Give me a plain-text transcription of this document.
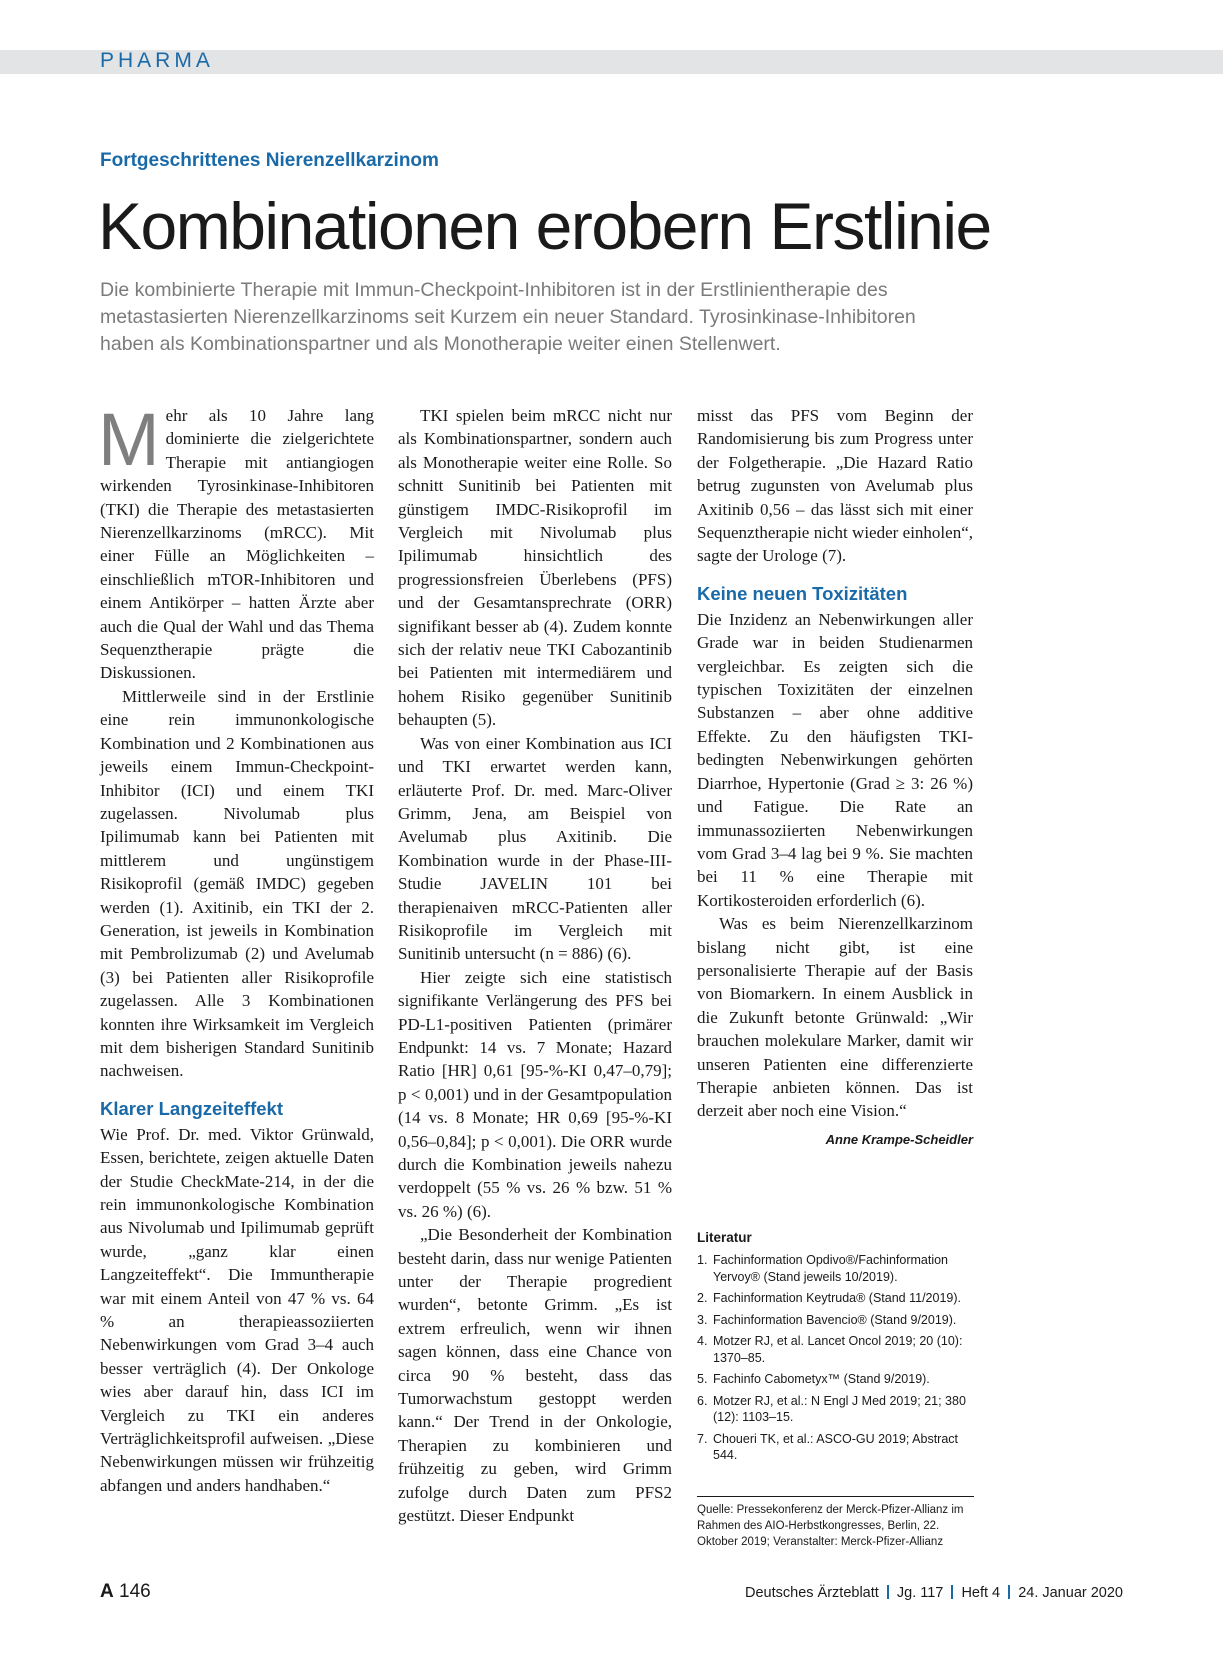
PHARMA
Fortgeschrittenes Nierenzellkarzinom
Kombinationen erobern Erstlinie
Die kombinierte Therapie mit Immun-Checkpoint-Inhibitoren ist in der Erstlinientherapie des metastasierten Nierenzellkarzinoms seit Kurzem ein neuer Standard. Tyrosinkinase-Inhibitoren haben als Kombinationspartner und als Monotherapie weiter einen Stellenwert.

Mehr als 10 Jahre lang dominierte die zielgerichtete Therapie mit antiangiogen wirkenden Tyrosinkinase-Inhibitoren (TKI) die Therapie des metastasierten Nierenzellkarzinoms (mRCC). Mit einer Fülle an Möglichkeiten – einschließlich mTOR-Inhibitoren und einem Antikörper – hatten Ärzte aber auch die Qual der Wahl und das Thema Sequenztherapie prägte die Diskussionen.

Mittlerweile sind in der Erstlinie eine rein immunonkologische Kombination und 2 Kombinationen aus jeweils einem Immun-Checkpoint-Inhibitor (ICI) und einem TKI zugelassen. Nivolumab plus Ipilimumab kann bei Patienten mit mittlerem und ungünstigem Risikoprofil (gemäß IMDC) gegeben werden (1). Axitinib, ein TKI der 2. Generation, ist jeweils in Kombination mit Pembrolizumab (2) und Avelumab (3) bei Patienten aller Risikoprofile zugelassen. Alle 3 Kombinationen konnten ihre Wirksamkeit im Vergleich mit dem bisherigen Standard Sunitinib nachweisen.

Klarer Langzeiteffekt

Wie Prof. Dr. med. Viktor Grünwald, Essen, berichtete, zeigen aktuelle Daten der Studie CheckMate-214, in der die rein immunonkologische Kombination aus Nivolumab und Ipilimumab geprüft wurde, „ganz klar einen Langzeiteffekt“. Die Immuntherapie war mit einem Anteil von 47 % vs. 64 % an therapieassoziierten Nebenwirkungen vom Grad 3–4 auch besser verträglich (4). Der Onkologe wies aber darauf hin, dass ICI im Vergleich zu TKI ein anderes Verträglichkeitsprofil aufweisen. „Diese Nebenwirkungen müssen wir frühzeitig abfangen und anders handhaben.“

TKI spielen beim mRCC nicht nur als Kombinationspartner, sondern auch als Monotherapie weiter eine Rolle. So schnitt Sunitinib bei Patienten mit günstigem IMDC-Risikoprofil im Vergleich mit Nivolumab plus Ipilimumab hinsichtlich des progressionsfreien Überlebens (PFS) und der Gesamtansprechrate (ORR) signifikant besser ab (4). Zudem konnte sich der relativ neue TKI Cabozantinib bei Patienten mit intermediärem und hohem Risiko gegenüber Sunitinib behaupten (5).

Was von einer Kombination aus ICI und TKI erwartet werden kann, erläuterte Prof. Dr. med. Marc-Oliver Grimm, Jena, am Beispiel von Avelumab plus Axitinib. Die Kombination wurde in der Phase-III-Studie JAVELIN 101 bei therapienaiven mRCC-Patienten aller Risikoprofile im Vergleich mit Sunitinib untersucht (n = 886) (6).

Hier zeigte sich eine statistisch signifikante Verlängerung des PFS bei PD-L1-positiven Patienten (primärer Endpunkt: 14 vs. 7 Monate; Hazard Ratio [HR] 0,61 [95-%-KI 0,47–0,79]; p < 0,001) und in der Gesamtpopulation (14 vs. 8 Monate; HR 0,69 [95-%-KI 0,56–0,84]; p < 0,001). Die ORR wurde durch die Kombination jeweils nahezu verdoppelt (55 % vs. 26 % bzw. 51 % vs. 26 %) (6).

„Die Besonderheit der Kombination besteht darin, dass nur wenige Patienten unter der Therapie progredient wurden“, betonte Grimm. „Es ist extrem erfreulich, wenn wir ihnen sagen können, dass eine Chance von circa 90 % besteht, dass das Tumorwachstum gestoppt werden kann.“ Der Trend in der Onkologie, Therapien zu kombinieren und frühzeitig zu geben, wird Grimm zufolge durch Daten zum PFS2 gestützt. Dieser Endpunkt

misst das PFS vom Beginn der Randomisierung bis zum Progress unter der Folgetherapie. „Die Hazard Ratio betrug zugunsten von Avelumab plus Axitinib 0,56 – das lässt sich mit einer Sequenztherapie nicht wieder einholen“, sagte der Urologe (7).

Keine neuen Toxizitäten

Die Inzidenz an Nebenwirkungen aller Grade war in beiden Studienarmen vergleichbar. Es zeigten sich die typischen Toxizitäten der einzelnen Substanzen – aber ohne additive Effekte. Zu den häufigsten TKI-bedingten Nebenwirkungen gehörten Diarrhoe, Hypertonie (Grad ≥ 3: 26 %) und Fatigue. Die Rate an immunassoziierten Nebenwirkungen vom Grad 3–4 lag bei 9 %. Sie machten bei 11 % eine Therapie mit Kortikosteroiden erforderlich (6).

Was es beim Nierenzellkarzinom bislang nicht gibt, ist eine personalisierte Therapie auf der Basis von Biomarkern. In einem Ausblick in die Zukunft betonte Grünwald: „Wir brauchen molekulare Marker, damit wir unseren Patienten eine differenzierte Therapie anbieten können. Das ist derzeit aber noch eine Vision.“
Anne Krampe-Scheidler

Literatur
1. Fachinformation Opdivo®/Fachinformation Yervoy® (Stand jeweils 10/2019).
2. Fachinformation Keytruda® (Stand 11/2019).
3. Fachinformation Bavencio® (Stand 9/2019).
4. Motzer RJ, et al. Lancet Oncol 2019; 20 (10): 1370–85.
5. Fachinfo Cabometyx™ (Stand 9/2019).
6. Motzer RJ, et al.: N Engl J Med 2019; 21; 380 (12): 1103–15.
7. Choueri TK, et al.: ASCO-GU 2019; Abstract 544.
Quelle: Pressekonferenz der Merck-Pfizer-Allianz im Rahmen des AIO-Herbstkongresses, Berlin, 22. Oktober 2019; Veranstalter: Merck-Pfizer-Allianz
A 146	Deutsches Ärzteblatt Jg. 117 Heft 4 24. Januar 2020
